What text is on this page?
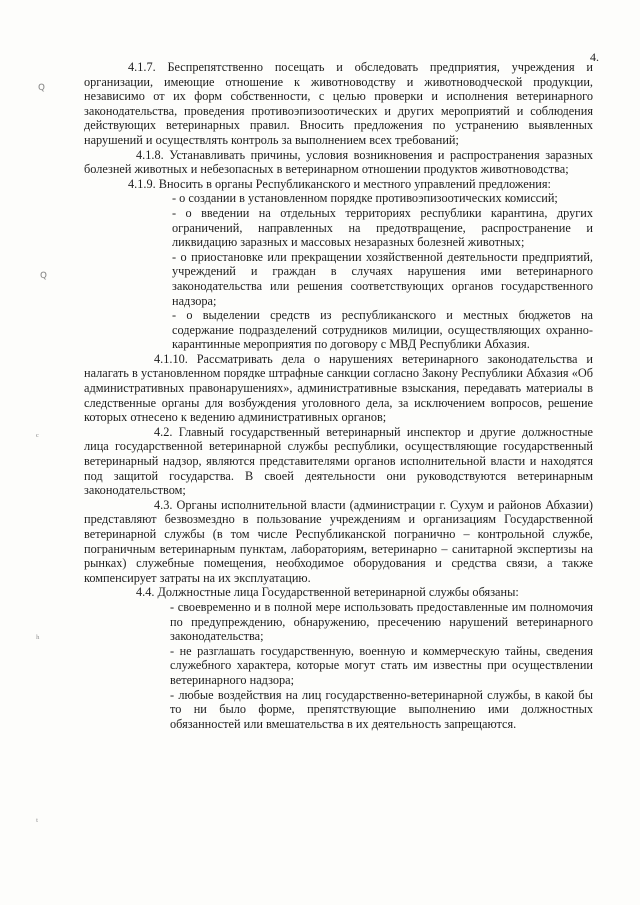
4.
ꞯ
ꞯ
ᶜ
ʰ
ᵗ

4.1.7. Беспрепятственно посещать и обследовать предприятия, учреждения и организации, имеющие отношение к животноводству и животноводческой продукции, независимо от их форм собственности, с целью проверки и исполнения ветеринарного законодательства, проведения противоэпизоотических и других мероприятий и соблюдения действующих ветеринарных правил. Вносить предложения по устранению выявленных нарушений и осуществлять контроль за выполнением всех требований;

4.1.8. Устанавливать причины, условия возникновения и распространения заразных болезней животных и небезопасных в ветеринарном отношении продуктов животноводства;

4.1.9. Вносить в органы Республиканского и местного управлений предложения:

- о создании в установленном порядке противоэпизоотических комиссий;
- о введении на отдельных территориях республики карантина, других ограничений, направленных на предотвращение, распространение и ликвидацию заразных и массовых незаразных болезней животных;
- о приостановке или прекращении хозяйственной деятельности предприятий, учреждений и граждан в случаях нарушения ими ветеринарного законодательства или решения соответствующих органов государственного надзора;
- о выделении средств из республиканского и местных бюджетов на содержание подразделений сотрудников милиции, осуществляющих охранно-карантинные мероприятия по договору с МВД Республики Абхазия.

4.1.10. Рассматривать дела о нарушениях ветеринарного законодательства и налагать в установленном порядке штрафные санкции согласно Закону Республики Абхазия «Об административных правонарушениях», административные взыскания, передавать материалы в следственные органы для возбуждения уголовного дела, за исключением вопросов, решение которых отнесено к ведению административных органов;

4.2. Главный государственный ветеринарный инспектор и другие должностные лица государственной ветеринарной службы республики, осуществляющие государственный ветеринарный надзор, являются представителями органов исполнительной власти и находятся под защитой государства. В своей деятельности они руководствуются ветеринарным законодательством;

4.3. Органы исполнительной власти (администрации г. Сухум и районов Абхазии) представляют безвозмездно в пользование учреждениям и организациям Государственной ветеринарной службы (в том числе Республиканской погранично – контрольной службе, пограничным ветеринарным пунктам, лабораториям, ветеринарно – санитарной экспертизы на рынках) служебные помещения, необходимое оборудования и средства связи, а также компенсирует затраты на их эксплуатацию.

4.4. Должностные лица Государственной ветеринарной службы обязаны:

- своевременно и в полной мере использовать предоставленные им полномочия по предупреждению, обнаружению, пресечению нарушений ветеринарного законодательства;
- не разглашать государственную, военную и коммерческую тайны, сведения служебного характера, которые могут стать им известны при осуществлении ветеринарного надзора;
- любые воздействия на лиц государственно-ветеринарной службы, в какой бы то ни было форме, препятствующие выполнению ими должностных обязанностей или вмешательства в их деятельность запрещаются.
